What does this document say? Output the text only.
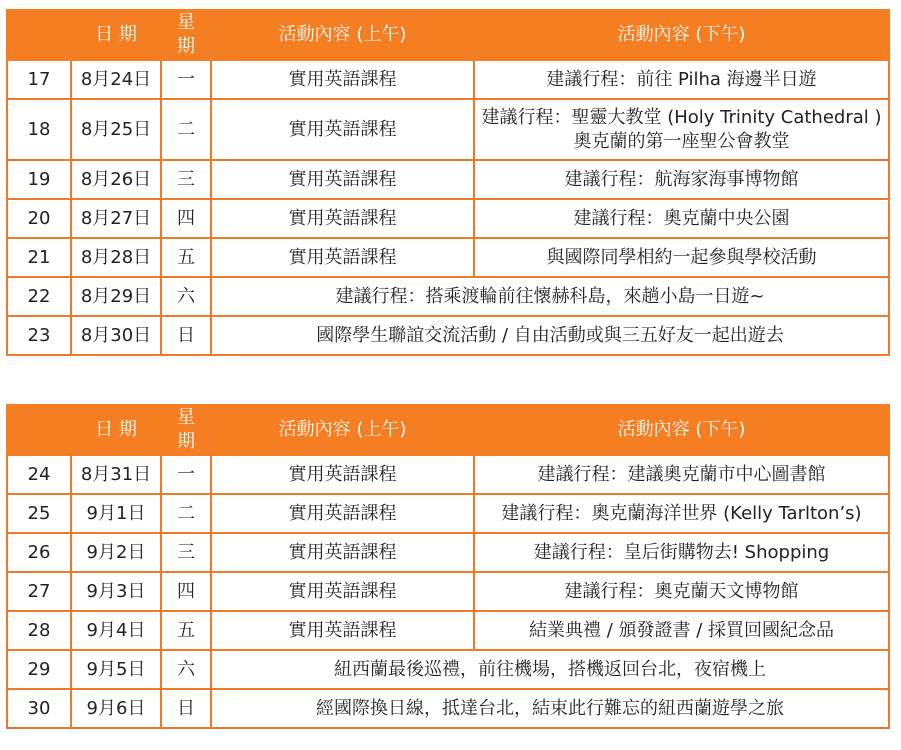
	日 期	星 期	活動內容 (上午)	活動內容 (下午)
17	8月24日	一	實用英語課程	建議行程：前往 Pilha 海邊半日遊
18	8月25日	二	實用英語課程	建議行程：聖靈大教堂 (Holy Trinity Cathedral )奧克蘭的第一座聖公會教堂
19	8月26日	三	實用英語課程	建議行程：航海家海事博物館
20	8月27日	四	實用英語課程	建議行程：奧克蘭中央公園
21	8月28日	五	實用英語課程	與國際同學相約一起參與學校活動
22	8月29日	六	建議行程：搭乘渡輪前往懷赫科島，來趟小島一日遊~	
23	8月30日	日	國際學生聯誼交流活動 / 自由活動或與三五好友一起出遊去	
	日 期	星 期	活動內容 (上午)	活動內容 (下午)
24	8月31日	一	實用英語課程	建議行程：建議奧克蘭市中心圖書館
25	9月1日	二	實用英語課程	建議行程：奧克蘭海洋世界 (Kelly Tarlton’s)
26	9月2日	三	實用英語課程	建議行程：皇后街購物去! Shopping
27	9月3日	四	實用英語課程	建議行程：奧克蘭天文博物館
28	9月4日	五	實用英語課程	結業典禮 / 頒發證書 / 採買回國紀念品
29	9月5日	六	紐西蘭最後巡禮，前往機場，搭機返回台北，夜宿機上	
30	9月6日	日	經國際換日線，抵達台北，結束此行難忘的紐西蘭遊學之旅	
